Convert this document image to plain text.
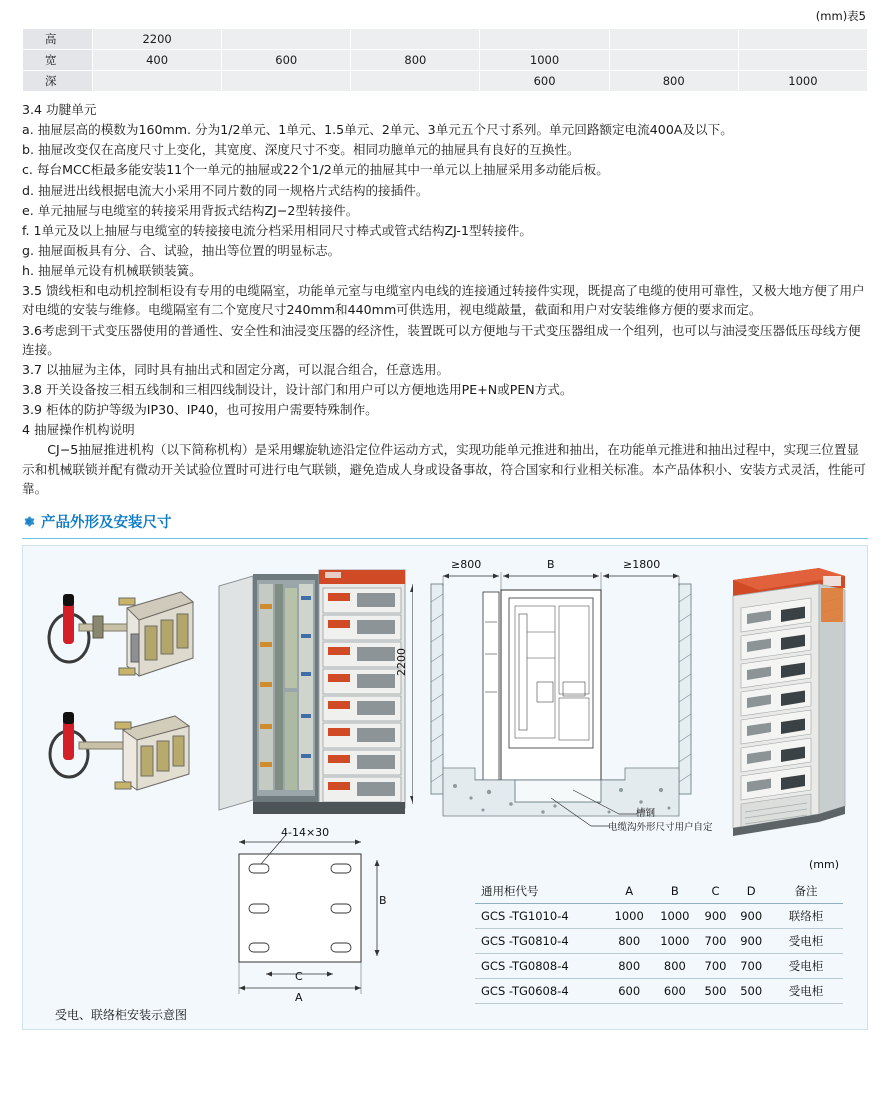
(mm)表5
高	2200					
宽	400	600	800	1000		
深				600	800	1000

3.4 功腱单元

a. 抽屉层高的模数为160mm. 分为1/2单元、1单元、1.5单元、2单元、3单元五个尺寸系列。单元回路额定电流400A及以下。

b. 抽屉改变仅在高度尺寸上变化，其宽度、深度尺寸不变。相同功臆单元的抽屉具有良好的互换性。

c. 每台MCC柜最多能安装11个一单元的抽屉或22个1/2单元的抽屉其中一单元以上抽屉采用多动能后板。

d. 抽屉进出线根据电流大小采用不同片数的同一规格片式结构的接插件。

e. 单元抽屉与电缆室的转接采用背扳式结构ZJ−2型转接件。

f. 1单元及以上抽屉与电缆室的转接接电流分档采用相同尺寸棒式或管式结构ZJ-1型转接件。

g. 抽屉面板具有分、合、试验，抽出等位置的明显标志。

h. 抽屉单元设有机械联锁装簧。

3.5 馈线柜和电动机控制柜设有专用的电缆隔室，功能单元室与电缆室内电线的连接通过转接件实现，既提高了电缆的使用可靠性，又极大地方便了用户对电缆的安装与维修。电缆隔室有二个宽度尺寸240mm和440mm可供选用，视电缆敲量，截面和用户对安装维修方便的要求而定。

3.6考虑到干式变压器使用的普通性、安全性和油浸变压器的经济性，装置既可以方便地与干式变压器组成一个组列，也可以与油浸变压器低压母线方便连接。

3.7 以抽屉为主体，同时具有抽出式和固定分离，可以混合组合，任意选用。

3.8 开关设备按三相五线制和三相四线制设计，设计部门和用户可以方便地选用PE+N或PEN方式。

3.9 柜体的防护等级为IP30、IP40，也可按用户需要特殊制作。

4 抽屉操作机构说明

CJ−5抽屉推进机构（以下简称机构）是采用螺旋轨迹沿定位件运动方式，实现功能单元推进和抽出，在功能单元推进和抽出过程中，实现三位置显示和机械联锁并配有微动开关试验位置时可进行电气联锁，避免造成人身或设备事故，符合国家和行业相关标准。本产品体积小、安装方式灵活，性能可靠。

产品外形及安装尺寸
2200
4-14×30
C
A
B
≥800	B	≥1800
槽钢
电缆沟外形尺寸用户自定
(mm)
通用柜代号	A	B	C	D	备注
GCS -TG1010-4	1000	1000	900	900	联络柜
GCS -TG0810-4	800	1000	700	900	受电柜
GCS -TG0808-4	800	800	700	700	受电柜
GCS -TG0608-4	600	600	500	500	受电柜
受电、联络柜安装示意图
